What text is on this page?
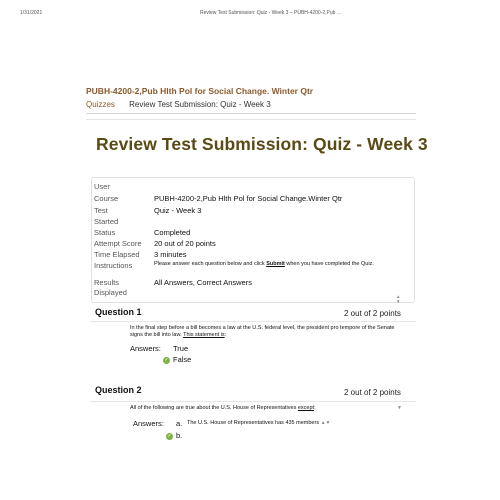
1/31/2021	Review Test Submission: Quiz - Week 3 – PUBH-4200-2,Pub ...
PUBH-4200-2,Pub Hlth Pol for Social Change. Winter Qtr
Quizzes Review Test Submission: Quiz - Week 3
Review Test Submission: Quiz - Week 3
User
Course	PUBH-4200-2,Pub Hlth Pol for Social Change.Winter Qtr
Test	Quiz - Week 3
Started
Status	Completed
Attempt Score	20 out of 20 points
Time Elapsed	3 minutes
Instructions	Please answer each question below and click Submit when you have completed the Quiz.
Results	All Answers, Correct Answers
Displayed	▲
▼
Question 1	2 out of 2 points
In the final step before a bill becomes a law at the U.S. federal level, the president pro tempore of the Senate signs the bill into law. This statement is:
Answers: True
✓ False
Question 2	2 out of 2 points
All of the following are true about the U.S. House of Representatives except:	▼
Answers: a. The U.S. House of Representatives has 435 members ▲▼
✓ b.
